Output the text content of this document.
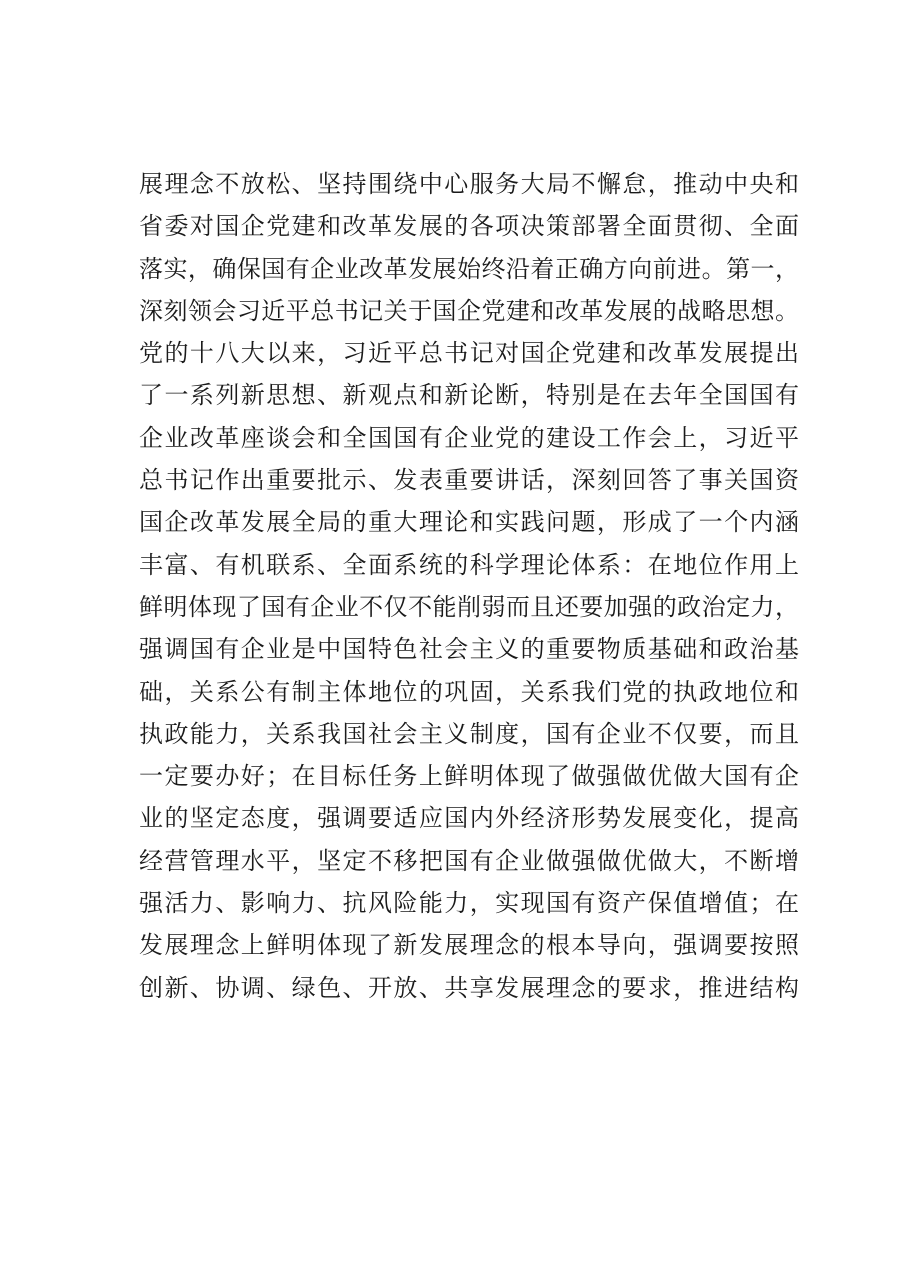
展理念不放松、坚持围绕中心服务大局不懈怠，推动中央和
省委对国企党建和改革发展的各项决策部署全面贯彻、全面
落实，确保国有企业改革发展始终沿着正确方向前进。第一，
深刻领会习近平总书记关于国企党建和改革发展的战略思想。
党的十八大以来，习近平总书记对国企党建和改革发展提出
了一系列新思想、新观点和新论断，特别是在去年全国国有
企业改革座谈会和全国国有企业党的建设工作会上，习近平
总书记作出重要批示、发表重要讲话，深刻回答了事关国资
国企改革发展全局的重大理论和实践问题，形成了一个内涵
丰富、有机联系、全面系统的科学理论体系：在地位作用上
鲜明体现了国有企业不仅不能削弱而且还要加强的政治定力，
强调国有企业是中国特色社会主义的重要物质基础和政治基
础，关系公有制主体地位的巩固，关系我们党的执政地位和
执政能力，关系我国社会主义制度，国有企业不仅要，而且
一定要办好；在目标任务上鲜明体现了做强做优做大国有企
业的坚定态度，强调要适应国内外经济形势发展变化，提高
经营管理水平，坚定不移把国有企业做强做优做大，不断增
强活力、影响力、抗风险能力，实现国有资产保值增值；在
发展理念上鲜明体现了新发展理念的根本导向，强调要按照
创新、协调、绿色、开放、共享发展理念的要求，推进结构
